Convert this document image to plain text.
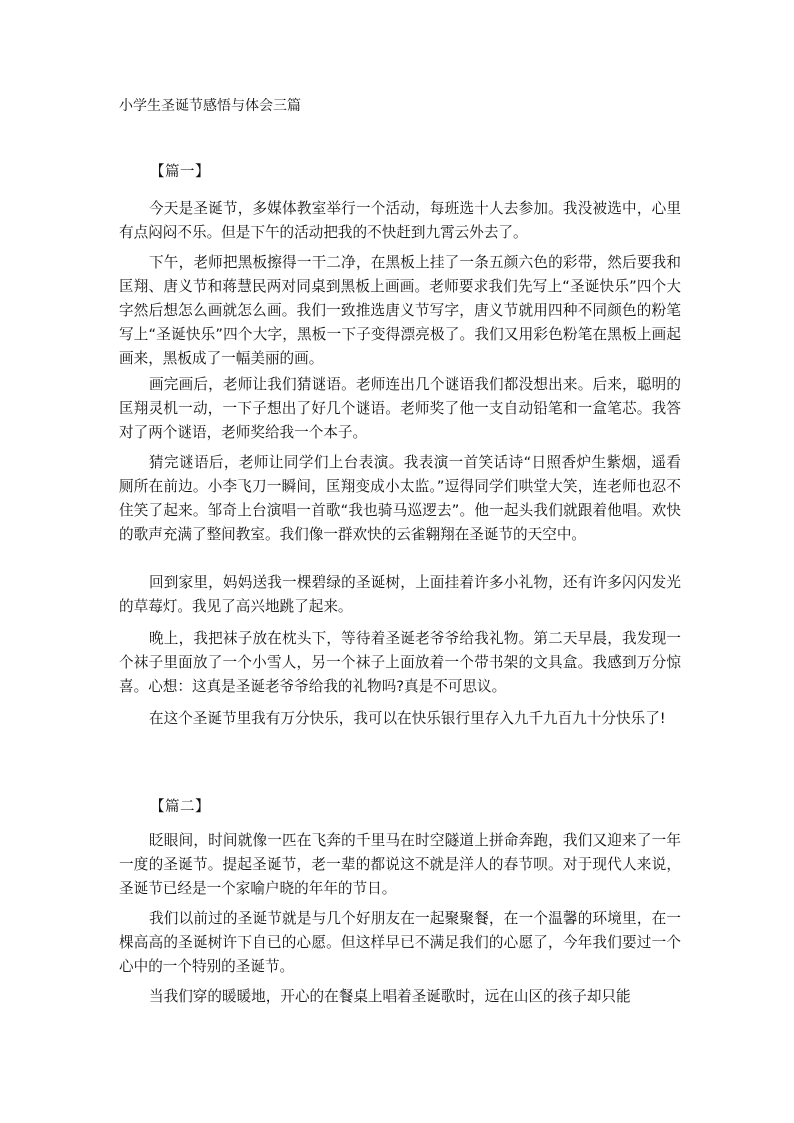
小学生圣诞节感悟与体会三篇
【篇一】

今天是圣诞节，多媒体教室举行一个活动，每班选十人去参加。我没被选中，心里有点闷闷不乐。但是下午的活动把我的不快赶到九霄云外去了。

下午，老师把黑板擦得一干二净，在黑板上挂了一条五颜六色的彩带，然后要我和匡翔、唐义节和蒋慧民两对同桌到黑板上画画。老师要求我们先写上“圣诞快乐”四个大字然后想怎么画就怎么画。我们一致推选唐义节写字，唐义节就用四种不同颜色的粉笔写上“圣诞快乐”四个大字，黑板一下子变得漂亮极了。我们又用彩色粉笔在黑板上画起画来，黑板成了一幅美丽的画。

画完画后，老师让我们猜谜语。老师连出几个谜语我们都没想出来。后来，聪明的匡翔灵机一动，一下子想出了好几个谜语。老师奖了他一支自动铅笔和一盒笔芯。我答对了两个谜语，老师奖给我一个本子。

猜完谜语后，老师让同学们上台表演。我表演一首笑话诗“日照香炉生紫烟，遥看厕所在前边。小李飞刀一瞬间，匡翔变成小太监。”逗得同学们哄堂大笑，连老师也忍不住笑了起来。邹奇上台演唱一首歌“我也骑马巡逻去”。他一起头我们就跟着他唱。欢快的歌声充满了整间教室。我们像一群欢快的云雀翱翔在圣诞节的天空中。

回到家里，妈妈送我一棵碧绿的圣诞树，上面挂着许多小礼物，还有许多闪闪发光的草莓灯。我见了高兴地跳了起来。

晚上，我把袜子放在枕头下，等待着圣诞老爷爷给我礼物。第二天早晨，我发现一个袜子里面放了一个小雪人，另一个袜子上面放着一个带书架的文具盒。我感到万分惊喜。心想：这真是圣诞老爷爷给我的礼物吗?真是不可思议。

在这个圣诞节里我有万分快乐，我可以在快乐银行里存入九千九百九十分快乐了!

【篇二】

眨眼间，时间就像一匹在飞奔的千里马在时空隧道上拼命奔跑，我们又迎来了一年一度的圣诞节。提起圣诞节，老一辈的都说这不就是洋人的春节呗。对于现代人来说，圣诞节已经是一个家喻户晓的年年的节日。

我们以前过的圣诞节就是与几个好朋友在一起聚聚餐，在一个温馨的环境里，在一棵高高的圣诞树许下自已的心愿。但这样早已不满足我们的心愿了，今年我们要过一个心中的一个特别的圣诞节。

当我们穿的暖暖地，开心的在餐桌上唱着圣诞歌时，远在山区的孩子却只能
